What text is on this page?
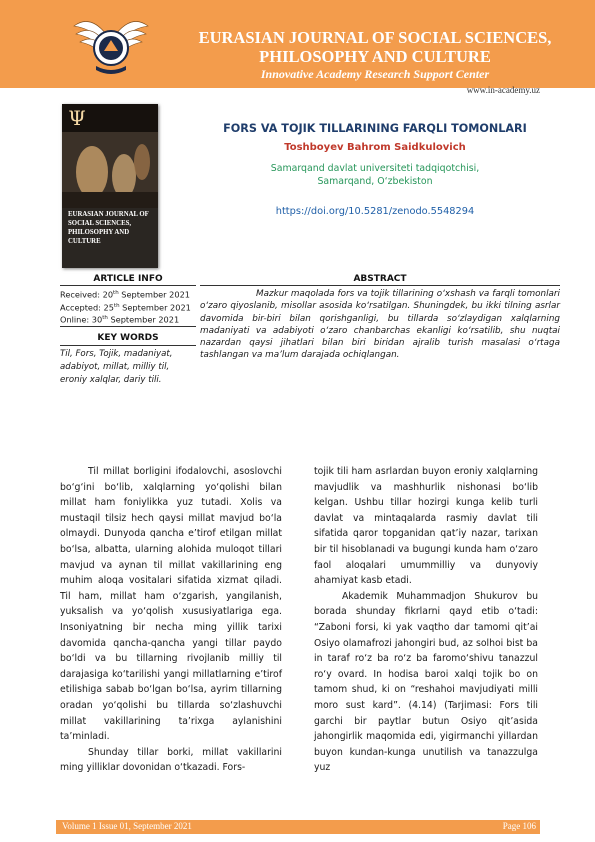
EURASIAN JOURNAL OF SOCIAL SCIENCES, PHILOSOPHY AND CULTURE
Innovative Academy Research Support Center
www.in-academy.uz
Ψ
EURASIAN JOURNAL OF SOCIAL SCIENCES, PHILOSOPHY AND CULTURE
FORS VA TOJIK TILLARINING FARQLI TOMONLARI
Toshboyev Bahrom Saidkulovich
Samarqand davlat universiteti tadqiqotchisi,
Samarqand, O‘zbekiston
https://doi.org/10.5281/zenodo.5548294
ARTICLE INFO	ABSTRACT
Received: 20th September 2021
Accepted: 25th September 2021
Online: 30th September 2021
KEY WORDS
Til, Fors, Tojik, madaniyat, adabiyot, millat, milliy til, eroniy xalqlar, dariy tili.
Mazkur maqolada fors va tojik tillarining o‘xshash va farqli tomonlari o‘zaro qiyoslanib, misollar asosida ko‘rsatilgan. Shuningdek, bu ikki tilning asrlar davomida bir-biri bilan qorishganligi, bu tillarda so‘zlaydigan xalqlarning madaniyati va adabiyoti o‘zaro chanbarchas ekanligi ko‘rsatilib, shu nuqtai nazardan qaysi jihatlari bilan biri biridan ajralib turish masalasi o‘rtaga tashlangan va ma’lum darajada ochiqlangan.

Til millat borligini ifodalovchi, asoslovchi bo‘g‘ini bo‘lib, xalqlarning yo‘qolishi bilan millat ham foniylikka yuz tutadi. Xolis va mustaqil tilsiz hech qaysi millat mavjud bo‘la olmaydi. Dunyoda qancha e’tirof etilgan millat bo‘lsa, albatta, ularning alohida muloqot tillari mavjud va aynan til millat vakillarining eng muhim aloqa vositalari sifatida xizmat qiladi. Til ham, millat ham o‘zgarish, yangilanish, yuksalish va yo‘qolish xususiyatlariga ega. Insoniyatning bir necha ming yillik tarixi davomida qancha-qancha yangi tillar paydo bo‘ldi va bu tillarning rivojlanib milliy til darajasiga ko‘tarilishi yangi millatlarning e’tirof etilishiga sabab bo‘lgan bo‘lsa, ayrim tillarning oradan yo‘qolishi bu tillarda so‘zlashuvchi millat vakillarining ta’rixga aylanishini ta’minladi.

Shunday tillar borki, millat vakillarini ming yilliklar dovonidan o‘tkazadi. Fors-

tojik tili ham asrlardan buyon eroniy xalqlarning mavjudlik va mashhurlik nishonasi bo‘lib kelgan. Ushbu tillar hozirgi kunga kelib turli davlat va mintaqalarda rasmiy davlat tili sifatida qaror topganidan qat’iy nazar, tarixan bir til hisoblanadi va bugungi kunda ham o‘zaro faol aloqalari umummilliy va dunyoviy ahamiyat kasb etadi.

Akademik Muhammadjon Shukurov bu borada shunday fikrlarni qayd etib o‘tadi: “Zaboni forsi, ki yak vaqtho dar tamomi qit’ai Osiyo olamafrozi jahongiri bud, az solhoi bist ba in taraf ro‘z ba ro‘z ba faromo‘shivu tanazzul ro‘y ovard. In hodisa baroi xalqi tojik bo on tamom shud, ki on “reshahoi mavjudiyati milli moro sust kard”. (4.14) (Tarjimasi: Fors tili garchi bir paytlar butun Osiyo qit’asida jahongirlik maqomida edi, yigirmanchi yillardan buyon kundan-kunga unutilish va tanazzulga yuz

Volume 1 Issue 01, September 2021	Page 106
